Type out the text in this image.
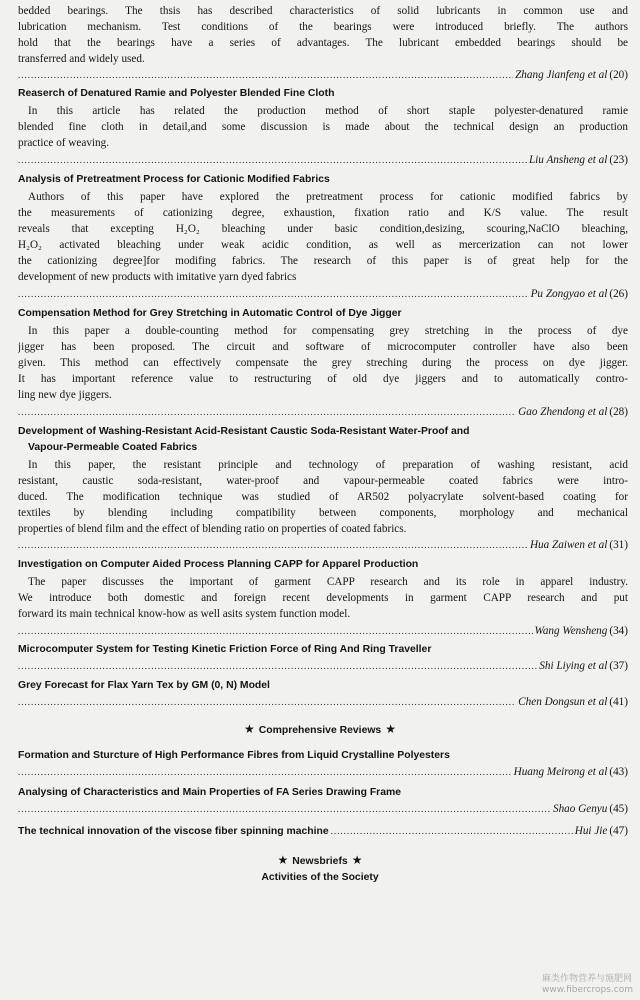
bedded bearings. The thsis has described characteristics of solid lubricants in common use and
lubrication mechanism. Test conditions of the bearings were introduced briefly. The authors
hold that the bearings have a series of advantages. The lubricant embedded bearings should be
transferred and widely used.
.....
Zhang Jianfeng et al (20)
Reaserch of Denatured Ramie and Polyester Blended Fine Cloth
In this article has related the production method of short staple polyester-denatured ramie
blended fine cloth in detail,and some discussion is made about the technical design an production
practice of weaving.
.....
Liu Ansheng et al (23)
Analysis of Pretreatment Process for Cationic Modified Fabrics
Authors of this paper have explored the pretreatment process for cationic modified fabrics by
the measurements of cationizing degree, exhaustion, fixation ratio and K/S value. The result
reveals that excepting H₂O₂ bleaching under basic condition,desizing, scouring,NaClO bleaching,
H₂O₂ activated bleaching under weak acidic condition, as well as mercerization can not lower
the cationizing degree]for modifing fabrics. The research of this paper is of great help for the
development of new products with imitative yarn dyed fabrics
.....
Pu Zongyao et al (26)
Compensation Method for Grey Stretching in Automatic Control of Dye Jigger
In this paper a double-counting method for compensating grey stretching in the process of dye
jigger has been proposed. The circuit and software of microcomputer controller have also been
given. This method can effectively compensate the grey streching during the process on dye jigger.
It has important reference value to restructuring of old dye jiggers and to automatically contro-
ling new dye jiggers.
.....
Gao Zhendong et al (28)
Development of Washing-Resistant Acid-Resistant Caustic Soda-Resistant Water-Proof and
Vapour-Permeable Coated Fabrics
In this paper, the resistant principle and technology of preparation of washing resistant, acid
resistant, caustic soda-resistant, water-proof and vapour-permeable coated fabrics were intro-
duced. The modification technique was studied of AR502 polyacrylate solvent-based coating for
textiles by blending including compatibility between components, morphology and mechanical
properties of blend film and the effect of blending ratio on properties of coated fabrics.
.....
Hua Zaiwen et al (31)
Investigation on Computer Aided Process Planning CAPP for Apparel Production
The paper discusses the important of garment CAPP research and its role in apparel industry.
We introduce both domestic and foreign recent developments in garment CAPP research and put
forward its main technical know-how as well asits system function model.
.....
Wang Wensheng (34)
Microcomputer System for Testing Kinetic Friction Force of Ring And Ring Traveller
.....
Shi Liying et al (37)
Grey Forecast for Flax Yarn Tex by GM (0, N) Model
.....
Chen Dongsun et al (41)
★ Comprehensive Reviews ★
Formation and Sturcture of High Performance Fibres from Liquid Crystalline Polyesters
.....
Huang Meirong et al (43)
Analysing of Characteristics and Main Properties of FA Series Drawing Frame
.....
Shao Genyu (45)
The technical innovation of the viscose fiber spinning machine
.....	Hui Jie (47)
★ Newsbriefs ★
Activities of the Society
麻类作物营养与施肥网
www.fibercrops.com
